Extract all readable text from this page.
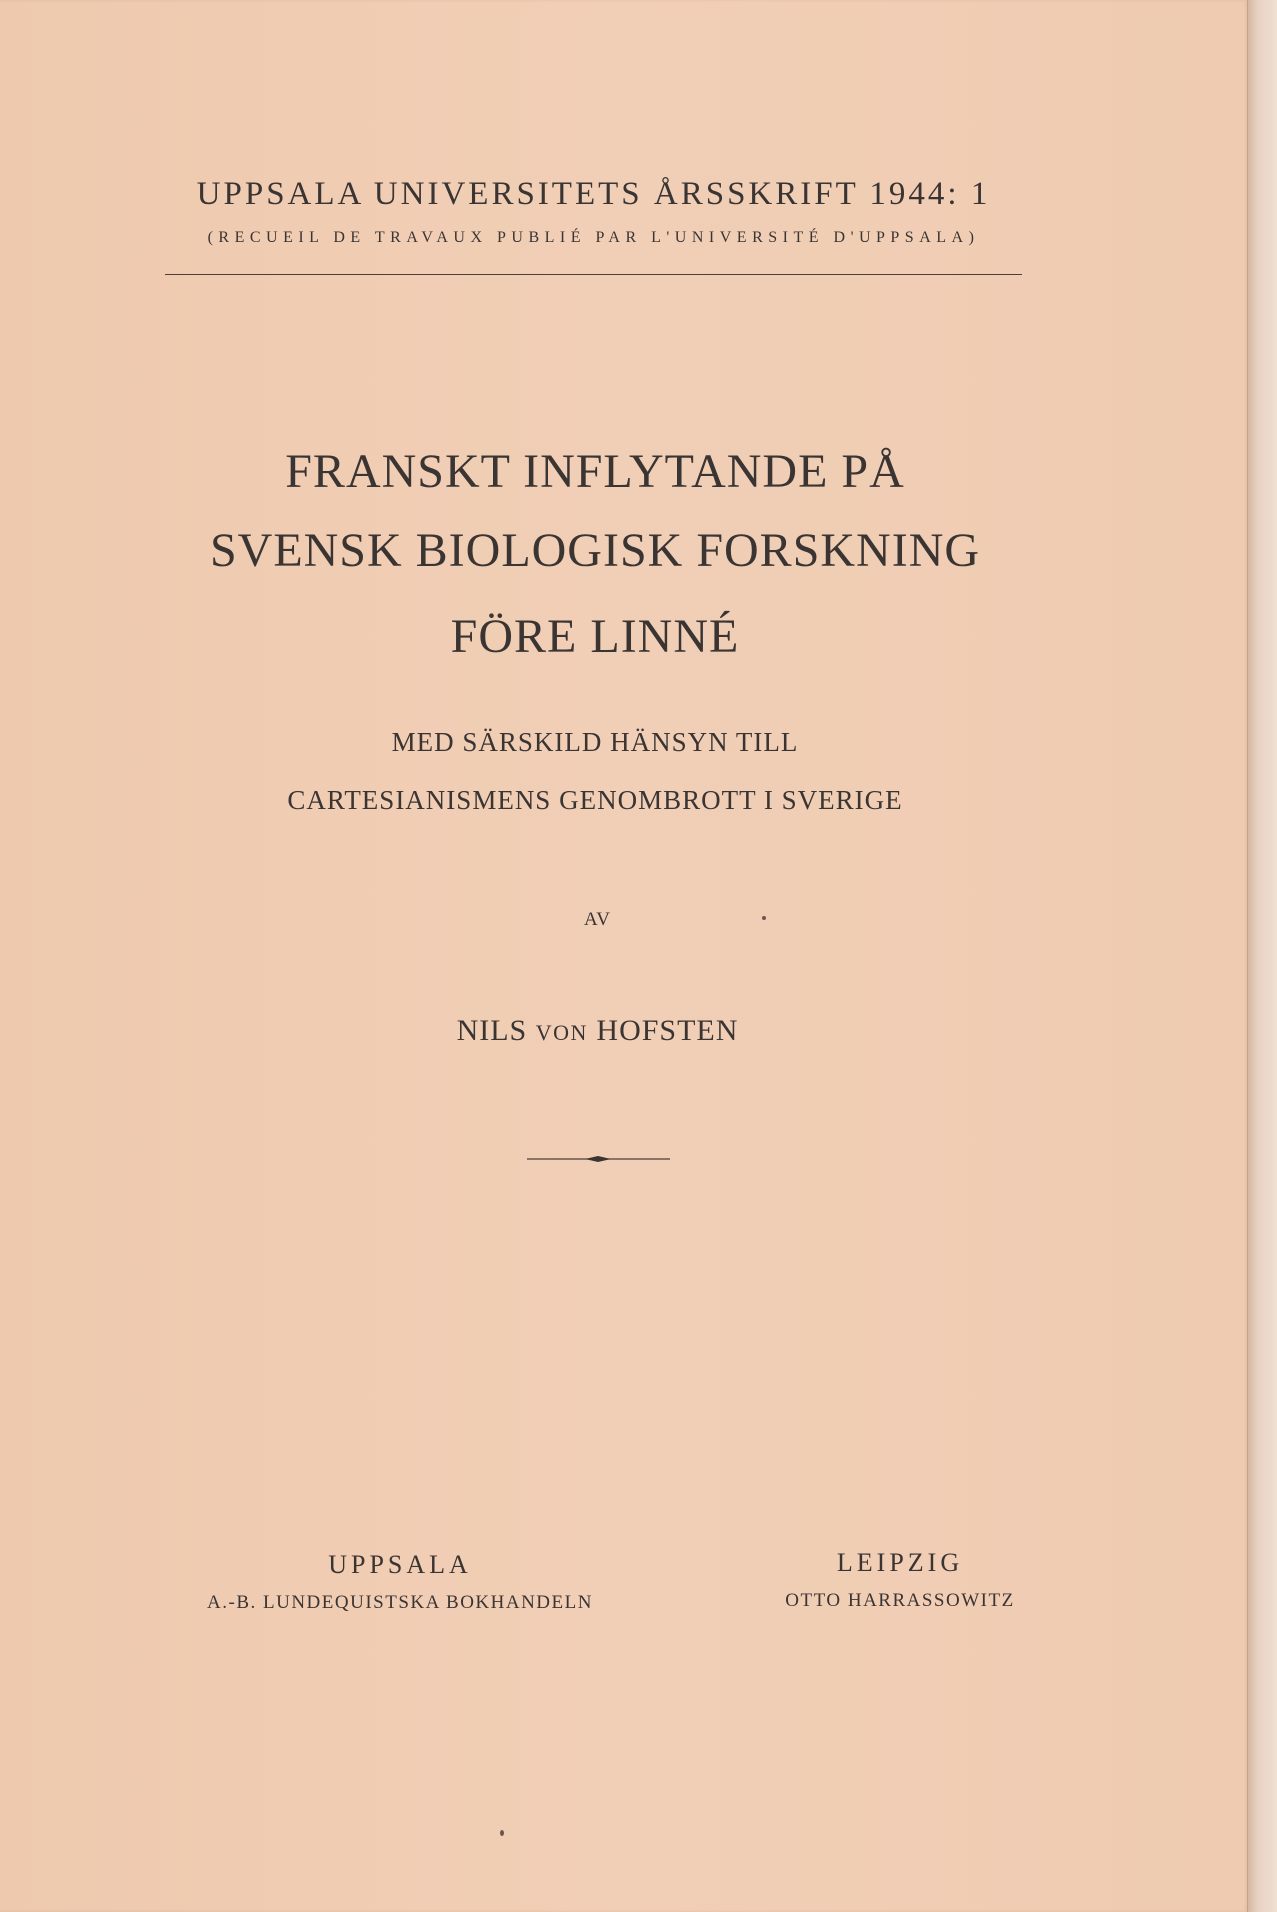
UPPSALA UNIVERSITETS ÅRSSKRIFT 1944: 1
(RECUEIL DE TRAVAUX PUBLIÉ PAR L'UNIVERSITÉ D'UPPSALA)
FRANSKT INFLYTANDE PÅ
SVENSK BIOLOGISK FORSKNING
FÖRE LINNÉ
MED SÄRSKILD HÄNSYN TILL
CARTESIANISMENS GENOMBROTT I SVERIGE
AV
NILS VON HOFSTEN
UPPSALA
A.-B. LUNDEQUISTSKA BOKHANDELN
LEIPZIG
OTTO HARRASSOWITZ
